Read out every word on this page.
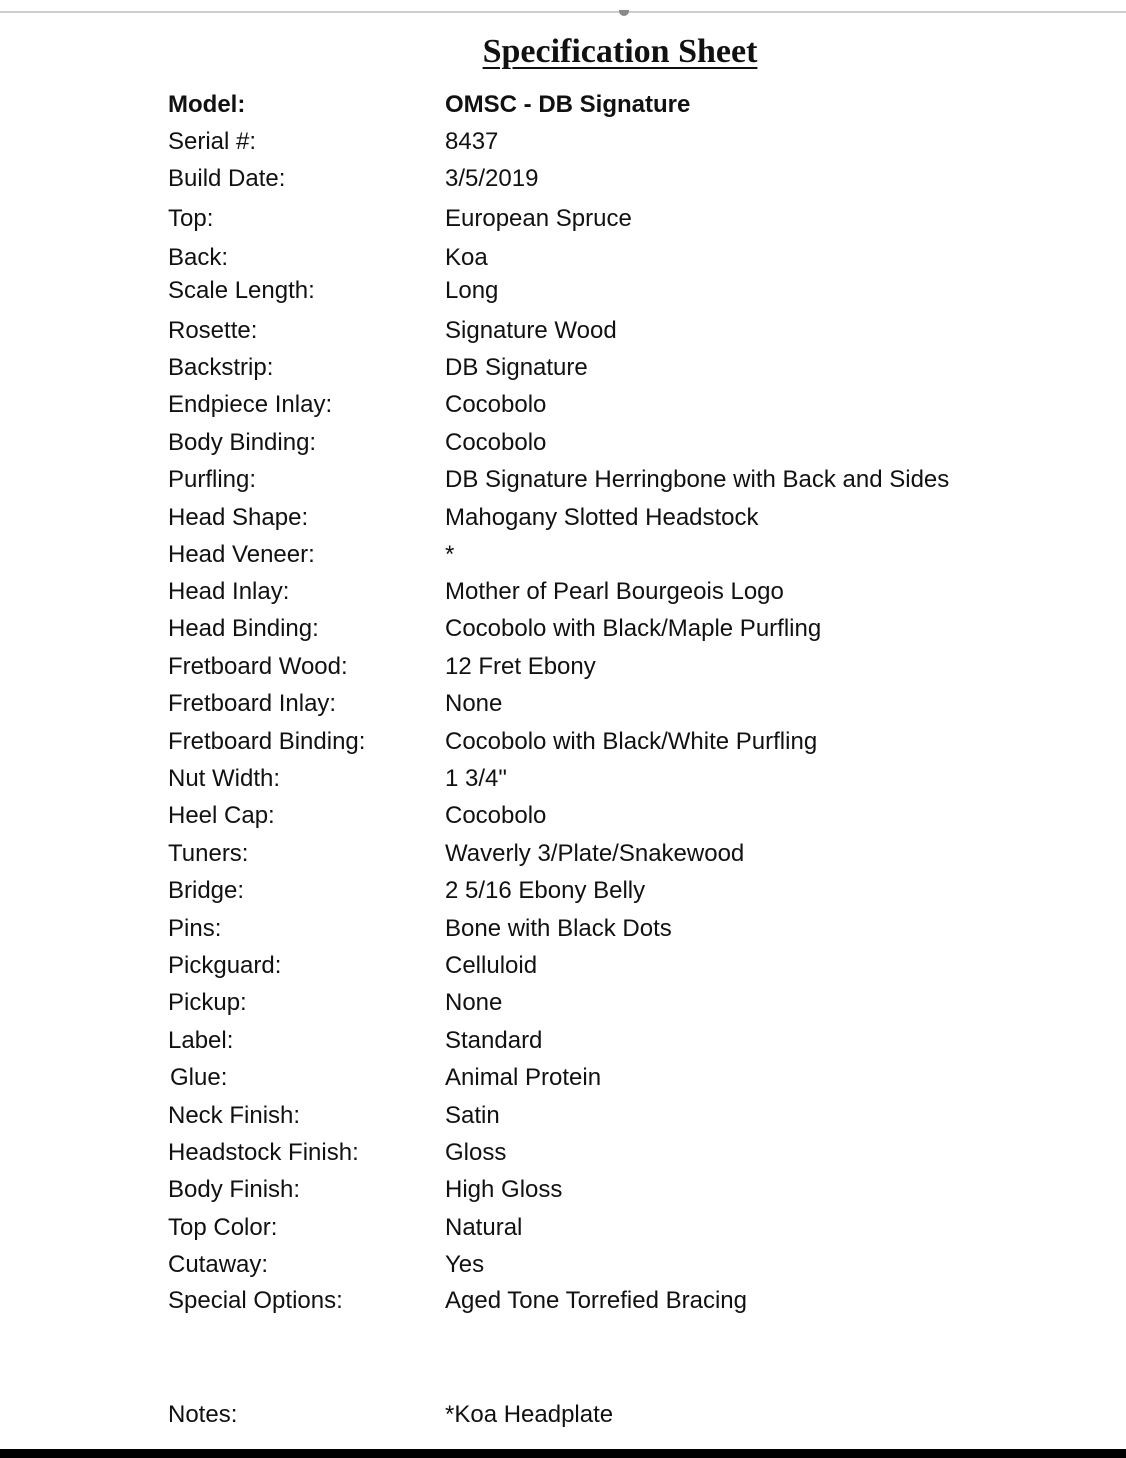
Specification Sheet
Model:	OMSC - DB Signature
Serial #:	8437
Build Date:	3/5/2019
Top:	European Spruce
Back:	Koa
Scale Length:	Long
Rosette:	Signature Wood
Backstrip:	DB Signature
Endpiece Inlay:	Cocobolo
Body Binding:	Cocobolo
Purfling:	DB Signature Herringbone with Back and Sides
Head Shape:	Mahogany Slotted Headstock
Head Veneer:	*
Head Inlay:	Mother of Pearl Bourgeois Logo
Head Binding:	Cocobolo with Black/Maple Purfling
Fretboard Wood:	12 Fret Ebony
Fretboard Inlay:	None
Fretboard Binding:	Cocobolo with Black/White Purfling
Nut Width:	1 3/4"
Heel Cap:	Cocobolo
Tuners:	Waverly 3/Plate/Snakewood
Bridge:	2 5/16 Ebony Belly
Pins:	Bone with Black Dots
Pickguard:	Celluloid
Pickup:	None
Label:	Standard
Glue:	Animal Protein
Neck Finish:	Satin
Headstock Finish:	Gloss
Body Finish:	High Gloss
Top Color:	Natural
Cutaway:	Yes
Special Options:	Aged Tone Torrefied Bracing
Notes:	*Koa Headplate
